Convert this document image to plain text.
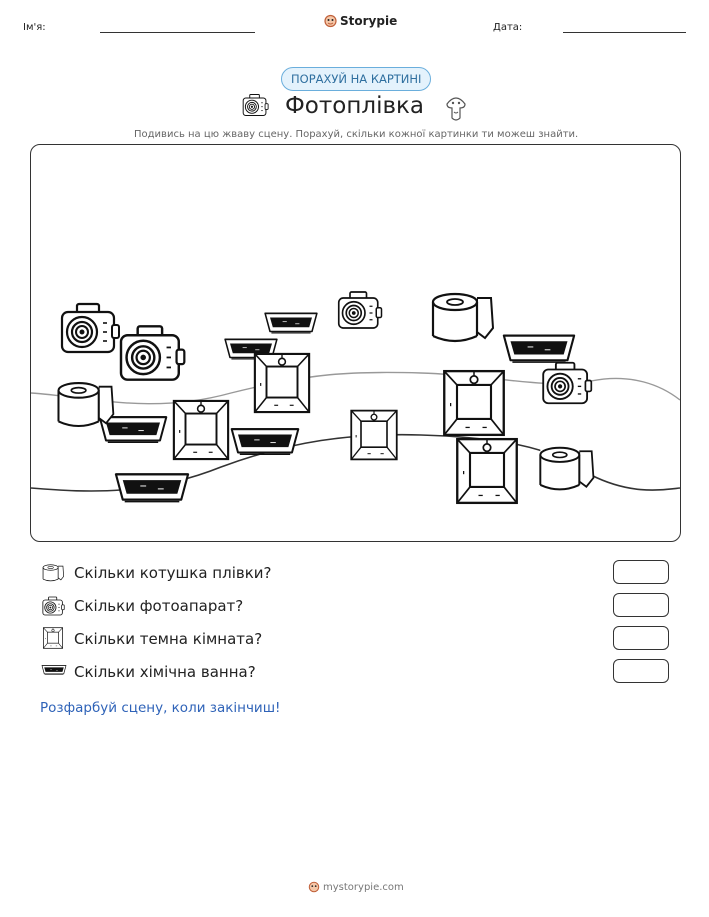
Ім'я:	Storypie	Дата:
ПОРАХУЙ НА КАРТИНІ
Фотоплівка
Подивись на цю жваву сцену. Порахуй, скільки кожної картинки ти можеш знайти.
Скільки котушка плівки?
Скільки фотоапарат?
Скільки темна кімната?
Скільки хімічна ванна?
Розфарбуй сцену, коли закінчиш!
mystorypie.com
